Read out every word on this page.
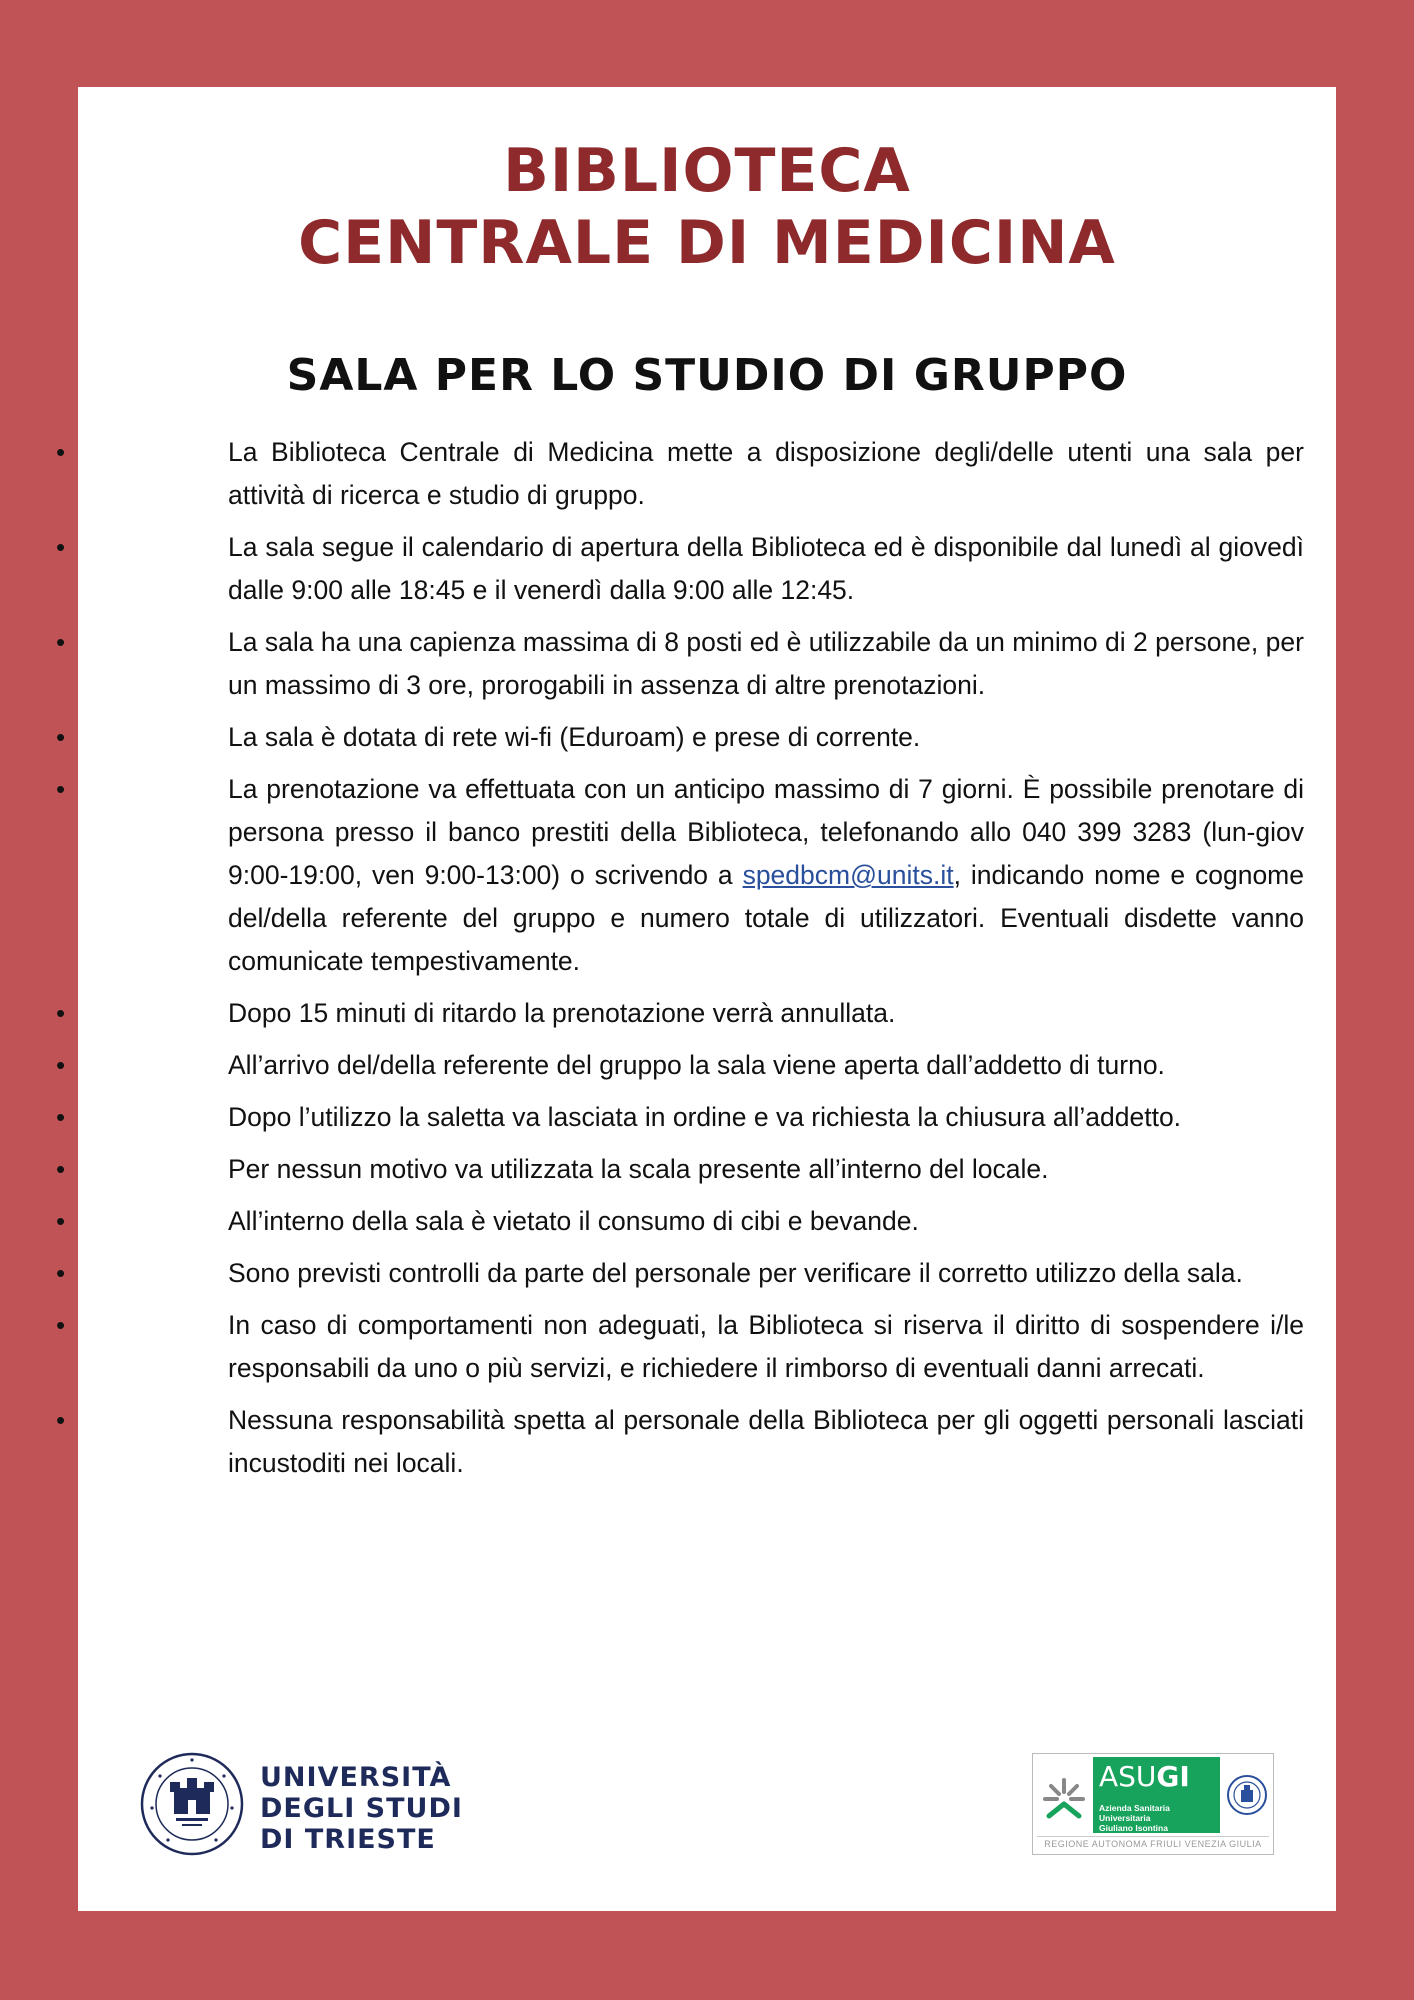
BIBLIOTECA
CENTRALE DI MEDICINA
SALA PER LO STUDIO DI GRUPPO
•	La Biblioteca Centrale di Medicina mette a disposizione degli/delle utenti una sala per attività di ricerca e studio di gruppo.
•	La sala segue il calendario di apertura della Biblioteca ed è disponibile dal lunedì al giovedì dalle 9:00 alle 18:45 e il venerdì dalla 9:00 alle 12:45.
•	La sala ha una capienza massima di 8 posti ed è utilizzabile da un minimo di 2 persone, per un massimo di 3 ore, prorogabili in assenza di altre prenotazioni.
•	La sala è dotata di rete wi-fi (Eduroam) e prese di corrente.
•	La prenotazione va effettuata con un anticipo massimo di 7 giorni. È possibile prenotare di persona presso il banco prestiti della Biblioteca, telefonando allo 040 399 3283 (lun-giov 9:00-19:00, ven 9:00-13:00) o scrivendo a spedbcm@units.it, indicando nome e cognome del/della referente del gruppo e numero totale di utilizzatori. Eventuali disdette vanno comunicate tempestivamente.
•	Dopo 15 minuti di ritardo la prenotazione verrà annullata.
•	All’arrivo del/della referente del gruppo la sala viene aperta dall’addetto di turno.
•	Dopo l’utilizzo la saletta va lasciata in ordine e va richiesta la chiusura all’addetto.
•	Per nessun motivo va utilizzata la scala presente all’interno del locale.
•	All’interno della sala è vietato il consumo di cibi e bevande.
•	Sono previsti controlli da parte del personale per verificare il corretto utilizzo della sala.
•	In caso di comportamenti non adeguati, la Biblioteca si riserva il diritto di sospendere i/le responsabili da uno o più servizi, e richiedere il rimborso di eventuali danni arrecati.
•	Nessuna responsabilità spetta al personale della Biblioteca per gli oggetti personali lasciati incustoditi nei locali.
UNIVERSITÀ
DEGLI STUDI
DI TRIESTE
ASUGI
Azienda Sanitaria Universitaria
Giuliano Isontina
REGIONE AUTONOMA FRIULI VENEZIA GIULIA
